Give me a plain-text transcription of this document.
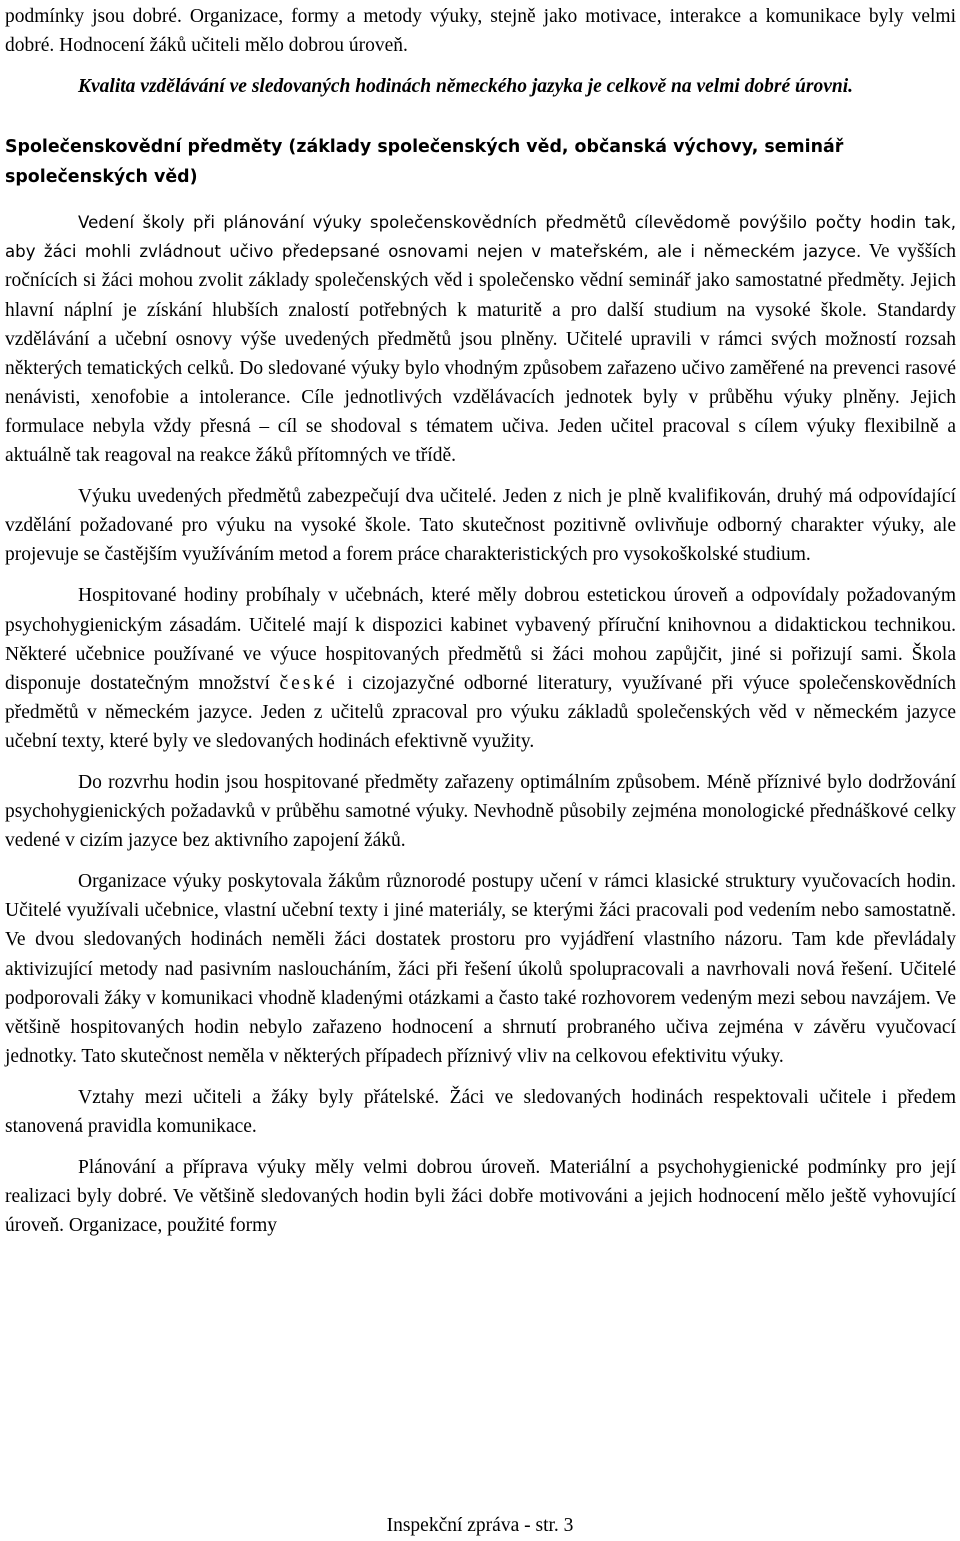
podmínky jsou dobré. Organizace, formy a metody výuky, stejně jako motivace, interakce a komunikace byly velmi dobré. Hodnocení žáků učiteli mělo dobrou úroveň.

Kvalita vzdělávání ve sledovaných hodinách německého jazyka je celkově na velmi dobré úrovni.

Společenskovědní předměty (základy společenských věd, občanská výchovy, seminář společenských věd)

Vedení školy při plánování výuky společenskovědních předmětů cílevědomě povýšilo počty hodin tak, aby žáci mohli zvládnout učivo předepsané osnovami nejen v mateřském, ale i německém jazyce. Ve vyšších ročnících si žáci mohou zvolit základy společenských věd i společensko vědní seminář jako samostatné předměty. Jejich hlavní náplní je získání hlubších znalostí potřebných k maturitě a pro další studium na vysoké škole. Standardy vzdělávání a učební osnovy výše uvedených předmětů jsou plněny. Učitelé upravili v rámci svých možností rozsah některých tematických celků. Do sledované výuky bylo vhodným způsobem zařazeno učivo zaměřené na prevenci rasové nenávisti, xenofobie a intolerance. Cíle jednotlivých vzdělávacích jednotek byly v průběhu výuky plněny. Jejich formulace nebyla vždy přesná – cíl se shodoval s tématem učiva. Jeden učitel pracoval s cílem výuky flexibilně a aktuálně tak reagoval na reakce žáků přítomných ve třídě.

Výuku uvedených předmětů zabezpečují dva učitelé. Jeden z nich je plně kvalifikován, druhý má odpovídající vzdělání požadované pro výuku na vysoké škole. Tato skutečnost pozitivně ovlivňuje odborný charakter výuky, ale projevuje se častějším využíváním metod a forem práce charakteristických pro vysokoškolské studium.

Hospitované hodiny probíhaly v učebnách, které měly dobrou estetickou úroveň a odpovídaly požadovaným psychohygienickým zásadám. Učitelé mají k dispozici kabinet vybavený příruční knihovnou a didaktickou technikou. Některé učebnice používané ve výuce hospitovaných předmětů si žáci mohou zapůjčit, jiné si pořizují sami. Škola disponuje dostatečným množství české i cizojazyčné odborné literatury, využívané při výuce společenskovědních předmětů v německém jazyce. Jeden z učitelů zpracoval pro výuku základů společenských věd v německém jazyce učební texty, které byly ve sledovaných hodinách efektivně využity.

Do rozvrhu hodin jsou hospitované předměty zařazeny optimálním způsobem. Méně příznivé bylo dodržování psychohygienických požadavků v průběhu samotné výuky. Nevhodně působily zejména monologické přednáškové celky vedené v cizím jazyce bez aktivního zapojení žáků.

Organizace výuky poskytovala žákům různorodé postupy učení v rámci klasické struktury vyučovacích hodin. Učitelé využívali učebnice, vlastní učební texty i jiné materiály, se kterými žáci pracovali pod vedením nebo samostatně. Ve dvou sledovaných hodinách neměli žáci dostatek prostoru pro vyjádření vlastního názoru. Tam kde převládaly aktivizující metody nad pasivním nasloucháním, žáci při řešení úkolů spolupracovali a navrhovali nová řešení. Učitelé podporovali žáky v komunikaci vhodně kladenými otázkami a často také rozhovorem vedeným mezi sebou navzájem. Ve většině hospitovaných hodin nebylo zařazeno hodnocení a shrnutí probraného učiva zejména v závěru vyučovací jednotky. Tato skutečnost neměla v některých případech příznivý vliv na celkovou efektivitu výuky.

Vztahy mezi učiteli a žáky byly přátelské. Žáci ve sledovaných hodinách respektovali učitele i předem stanovená pravidla komunikace.

Plánování a příprava výuky měly velmi dobrou úroveň. Materiální a psychohygienické podmínky pro její realizaci byly dobré. Ve většině sledovaných hodin byli žáci dobře motivováni a jejich hodnocení mělo ještě vyhovující úroveň. Organizace, použité formy

Inspekční zpráva - str. 3
